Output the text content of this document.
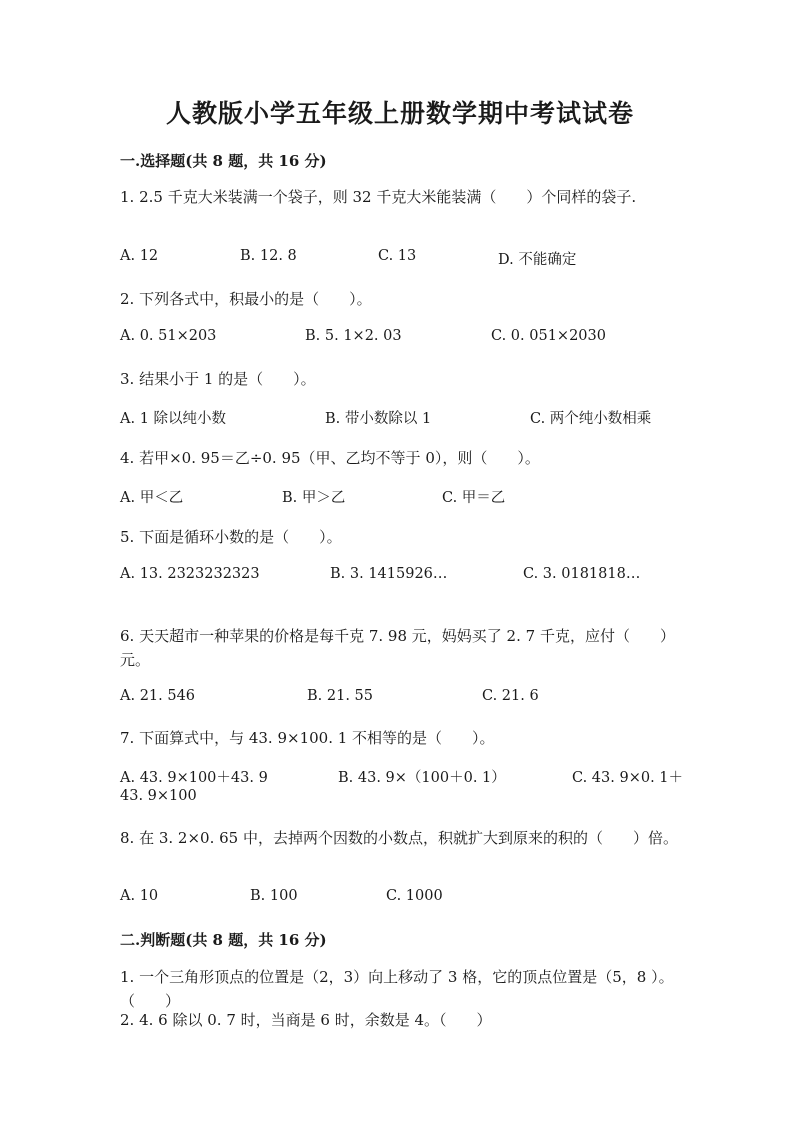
人教版小学五年级上册数学期中考试试卷
一.选择题(共 8 题，共 16 分)
1. 2.5 千克大米装满一个袋子，则 32 千克大米能装满（　　）个同样的袋子.
A. 12	B. 12. 8	C. 13	D. 不能确定
2. 下列各式中，积最小的是（　　）。
A. 0. 51×203	B. 5. 1×2. 03	C. 0. 051×2030
3. 结果小于 1 的是（　　）。
A. 1 除以纯小数	B. 带小数除以 1	C. 两个纯小数相乘
4. 若甲×0. 95＝乙÷0. 95（甲、乙均不等于 0），则（　　）。
A. 甲＜乙	B. 甲＞乙	C. 甲＝乙
5. 下面是循环小数的是（　　）。
A. 13. 2323232323	B. 3. 1415926…	C. 3. 0181818…
6. 天天超市一种苹果的价格是每千克 7. 98 元，妈妈买了 2. 7 千克，应付（　　）元。
A. 21. 546	B. 21. 55	C. 21. 6
7. 下面算式中，与 43. 9×100. 1 不相等的是（　　）。
A. 43. 9×100＋43. 9	B. 43. 9×（100＋0. 1）	C. 43. 9×0. 1＋
43. 9×100
8. 在 3. 2×0. 65 中，去掉两个因数的小数点，积就扩大到原来的积的（　　）倍。
A. 10	B. 100	C. 1000
二.判断题(共 8 题，共 16 分)
1. 一个三角形顶点的位置是（2，3）向上移动了 3 格，它的顶点位置是（5，8 ）。（　　）
2. 4. 6 除以 0. 7 时，当商是 6 时，余数是 4。（　　）
